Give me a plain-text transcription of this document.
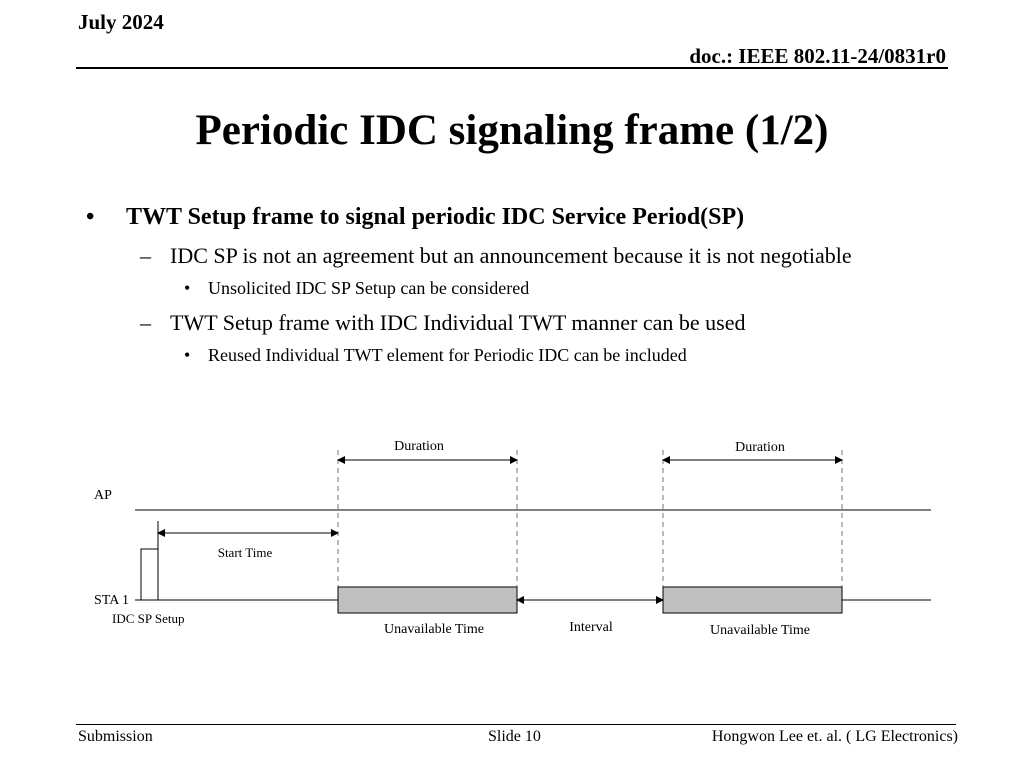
July 2024
doc.: IEEE 802.11-24/0831r0
Periodic IDC signaling frame (1/2)
• TWT Setup frame to signal periodic IDC Service Period(SP)
– IDC SP is not an agreement but an announcement because it is not negotiable
• Unsolicited IDC SP Setup can be considered
– TWT Setup frame with IDC Individual TWT manner can be used
• Reused Individual TWT element for Periodic IDC can be included
AP
STA 1
IDC SP Setup
Duration	Duration
Start Time
Unavailable Time	Unavailable Time
Interval
Submission	Slide 10	Hongwon Lee et. al. ( LG Electronics)
